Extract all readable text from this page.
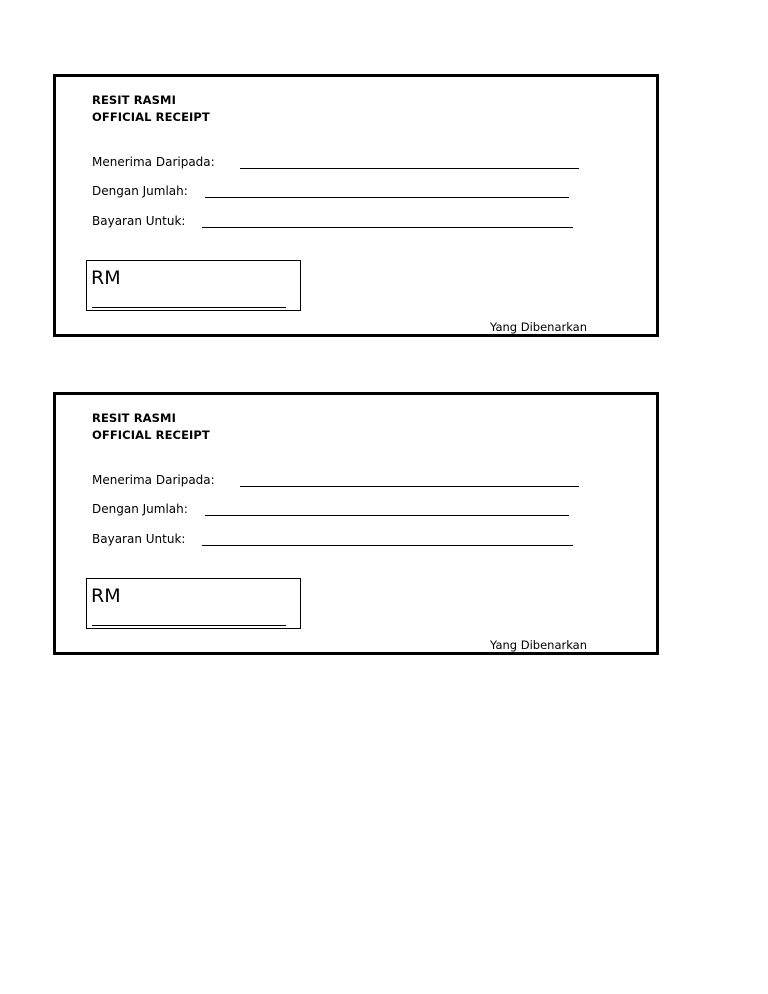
RESIT RASMI
OFFICIAL RECEIPT
Menerima Daripada:
Dengan Jumlah:
Bayaran Untuk:
RM
Yang Dibenarkan
RESIT RASMI
OFFICIAL RECEIPT
Menerima Daripada:
Dengan Jumlah:
Bayaran Untuk:
RM
Yang Dibenarkan
